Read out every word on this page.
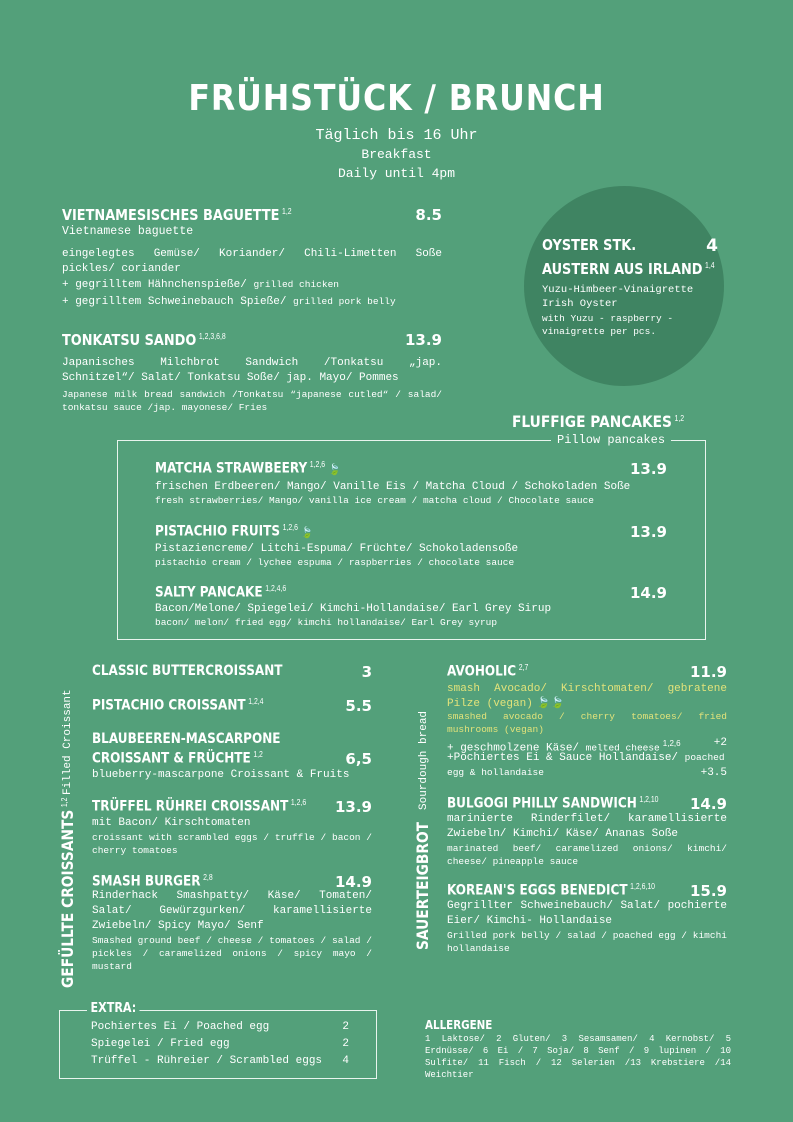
FRÜHSTÜCK / BRUNCH
Täglich bis 16 Uhr
Breakfast
Daily until 4pm
VIETNAMESISCHES BAGUETTE $^{1,2}$	8.5
Vietnamese baguette
eingelegtes Gemüse/ Koriander/ Chili-Limetten Soße pickles/ coriander
+ gegrilltem Hähnchenspieße/ grilled chicken
+ gegrilltem Schweinebauch Spieße/ grilled pork belly
TONKATSU SANDO $^{1,2,3,6,8}$	13.9
Japanisches Milchbrot Sandwich /Tonkatsu „jap. Schnitzel“/ Salat/ Tonkatsu Soße/ jap. Mayo/ Pommes
Japanese milk bread sandwich /Tonkatsu “japanese cutled“ / salad/ tonkatsu sauce /jap. mayonese/ Fries
OYSTER STK.	4
AUSTERN AUS IRLAND $^{1,4}$
Yuzu-Himbeer-Vinaigrette
Irish Oyster
with Yuzu - raspberry -
vinaigrette per pcs.
FLUFFIGE PANCAKES $^{1,2}$
Pillow pancakes
MATCHA STRAWBEERY $^{1,2,6}$ 🍃	13.9
frischen Erdbeeren/ Mango/ Vanille Eis / Matcha Cloud / Schokoladen Soße
fresh strawberries/ Mango/ vanilla ice cream / matcha cloud / Chocolate sauce
PISTACHIO FRUITS $^{1,2,6}$ 🍃	13.9
Pistaziencreme/ Litchi-Espuma/ Früchte/ Schokoladensoße
pistachio cream / lychee espuma / raspberries / chocolate sauce
SALTY PANCAKE $^{1,2,4,6}$	14.9
Bacon/Melone/ Spiegelei/ Kimchi-Hollandaise/ Earl Grey Sirup
bacon/ melon/ fried egg/ kimchi hollandaise/ Earl Grey syrup
GEFÜLLTE CROISSANTS$^{1,2}$
Filled Croissant
CLASSIC BUTTERCROISSANT	3
PISTACHIO CROISSANT $^{1,2,4}$	5.5
BLAUBEEREN-MASCARPONE
CROISSANT & FRÜCHTE $^{1,2}$	6,5
blueberry-mascarpone Croissant & Fruits
TRÜFFEL RÜHREI CROISSANT $^{1,2,6}$ 13.9
mit Bacon/ Kirschtomaten
croissant with scrambled eggs / truffle / bacon / cherry tomatoes
SMASH BURGER $^{2,8}$	14.9
Rinderhack Smashpatty/ Käse/ Tomaten/ Salat/ Gewürzgurken/ karamellisierte Zwiebeln/ Spicy Mayo/ Senf
Smashed ground beef / cheese / tomatoes / salad / pickles / caramelized onions / spicy mayo / mustard
SAUERTEIGBROT
Sourdough bread
AVOHOLIC $^{2,7}$	11.9
smash Avocado/ Kirschtomaten/ gebratene Pilze (vegan) 🍃🍃
smashed avocado / cherry tomatoes/ fried mushrooms (vegan)
+ geschmolzene Käse/ melted cheese $^{1,2,6}$	+2
+Pochiertes Ei & Sauce Hollandaise/ poached egg & hollandaise	+3.5
BULGOGI PHILLY SANDWICH $^{1,2,10}$ 14.9
marinierte Rinderfilet/ karamellisierte Zwiebeln/ Kimchi/ Käse/ Ananas Soße
marinated beef/ caramelized onions/ kimchi/ cheese/ pineapple sauce
KOREAN'S EGGS BENEDICT $^{1,2,6,10}$ 15.9
Gegrillter Schweinebauch/ Salat/ pochierte Eier/ Kimchi- Hollandaise
Grilled pork belly / salad / poached egg / kimchi hollandaise
EXTRA:
Pochiertes Ei / Poached egg	2
Spiegelei / Fried egg	2
Trüffel - Rühreier / Scrambled eggs 4
ALLERGENE
1 Laktose/ 2 Gluten/ 3 Sesamsamen/ 4 Kernobst/ 5 Erdnüsse/ 6 Ei / 7 Soja/ 8 Senf / 9 lupinen / 10 Sulfite/ 11 Fisch / 12 Selerien /13 Krebstiere /14 Weichtier
